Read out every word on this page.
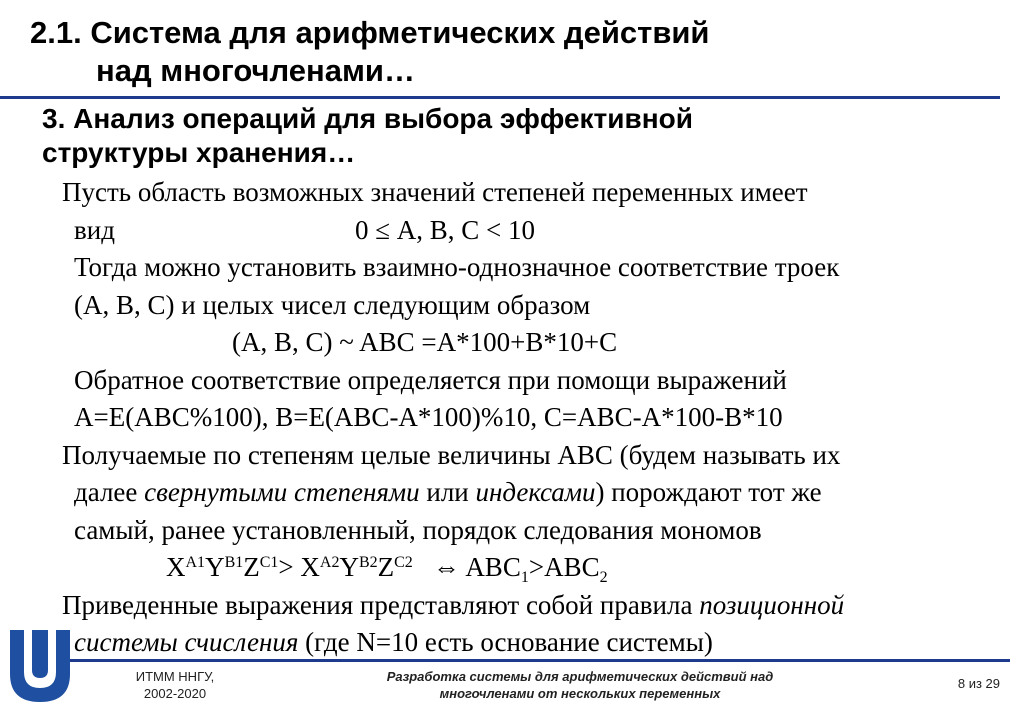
2.1. Система для арифметических действий
над многочленами…
3. Анализ операций для выбора эффективной
структуры хранения…
Пусть область возможных значений степеней переменных имеет
вид	0 ≤ A, B, C < 10
Тогда можно установить взаимно-однозначное соответствие троек
(A, B, C) и целых чисел следующим образом
(A, B, C) ~ ABC =A*100+B*10+C
Обратное соответствие определяется при помощи выражений
A=E(ABC%100), B=E(ABC-A*100)%10, C=ABC-A*100-B*10
Получаемые по степеням целые величины ABC (будем называть их
далее свернутыми степенями или индексами) порождают тот же
самый, ранее установленный, порядок следования мономов
$X^{A1}Y^{B1}Z^{C1}> X^{A2}Y^{B2}Z^{C2}$ ⇔ $ABC_1>ABC_2$
Приведенные выражения представляют собой правила позиционной
системы счисления (где N=10 есть основание системы)
ИТММ ННГУ,
2002-2020
Разработка системы для арифметических действий над
многочленами от нескольких переменных
8 из 29
